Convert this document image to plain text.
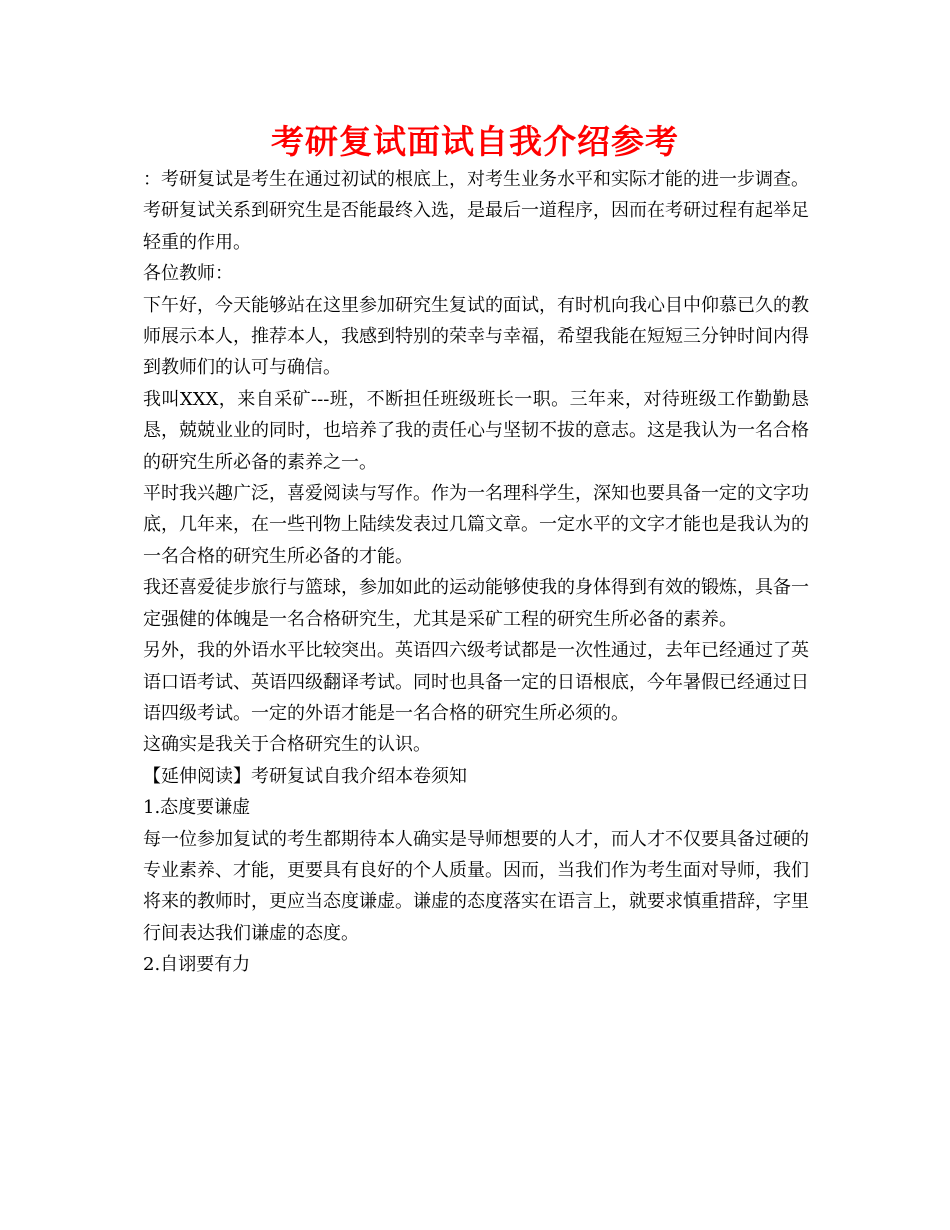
考研复试面试自我介绍参考

：考研复试是考生在通过初试的根底上，对考生业务水平和实际才能的进一步调查。考研复试关系到研究生是否能最终入选，是最后一道程序，因而在考研过程有起举足轻重的作用。

各位教师：

下午好，今天能够站在这里参加研究生复试的面试，有时机向我心目中仰慕已久的教师展示本人，推荐本人，我感到特别的荣幸与幸福，希望我能在短短三分钟时间内得到教师们的认可与确信。

我叫XXX，来自采矿---班，不断担任班级班长一职。三年来，对待班级工作勤勤恳恳，兢兢业业的同时，也培养了我的责任心与坚韧不拔的意志。这是我认为一名合格的研究生所必备的素养之一。

平时我兴趣广泛，喜爱阅读与写作。作为一名理科学生，深知也要具备一定的文字功底，几年来，在一些刊物上陆续发表过几篇文章。一定水平的文字才能也是我认为的一名合格的研究生所必备的才能。

我还喜爱徒步旅行与篮球，参加如此的运动能够使我的身体得到有效的锻炼，具备一定强健的体魄是一名合格研究生，尤其是采矿工程的研究生所必备的素养。

另外，我的外语水平比较突出。英语四六级考试都是一次性通过，去年已经通过了英语口语考试、英语四级翻译考试。同时也具备一定的日语根底，今年暑假已经通过日语四级考试。一定的外语才能是一名合格的研究生所必须的。

这确实是我关于合格研究生的认识。

【延伸阅读】考研复试自我介绍本卷须知

1.态度要谦虚

每一位参加复试的考生都期待本人确实是导师想要的人才，而人才不仅要具备过硬的专业素养、才能，更要具有良好的个人质量。因而，当我们作为考生面对导师，我们将来的教师时，更应当态度谦虚。谦虚的态度落实在语言上，就要求慎重措辞，字里行间表达我们谦虚的态度。

2.自诩要有力
